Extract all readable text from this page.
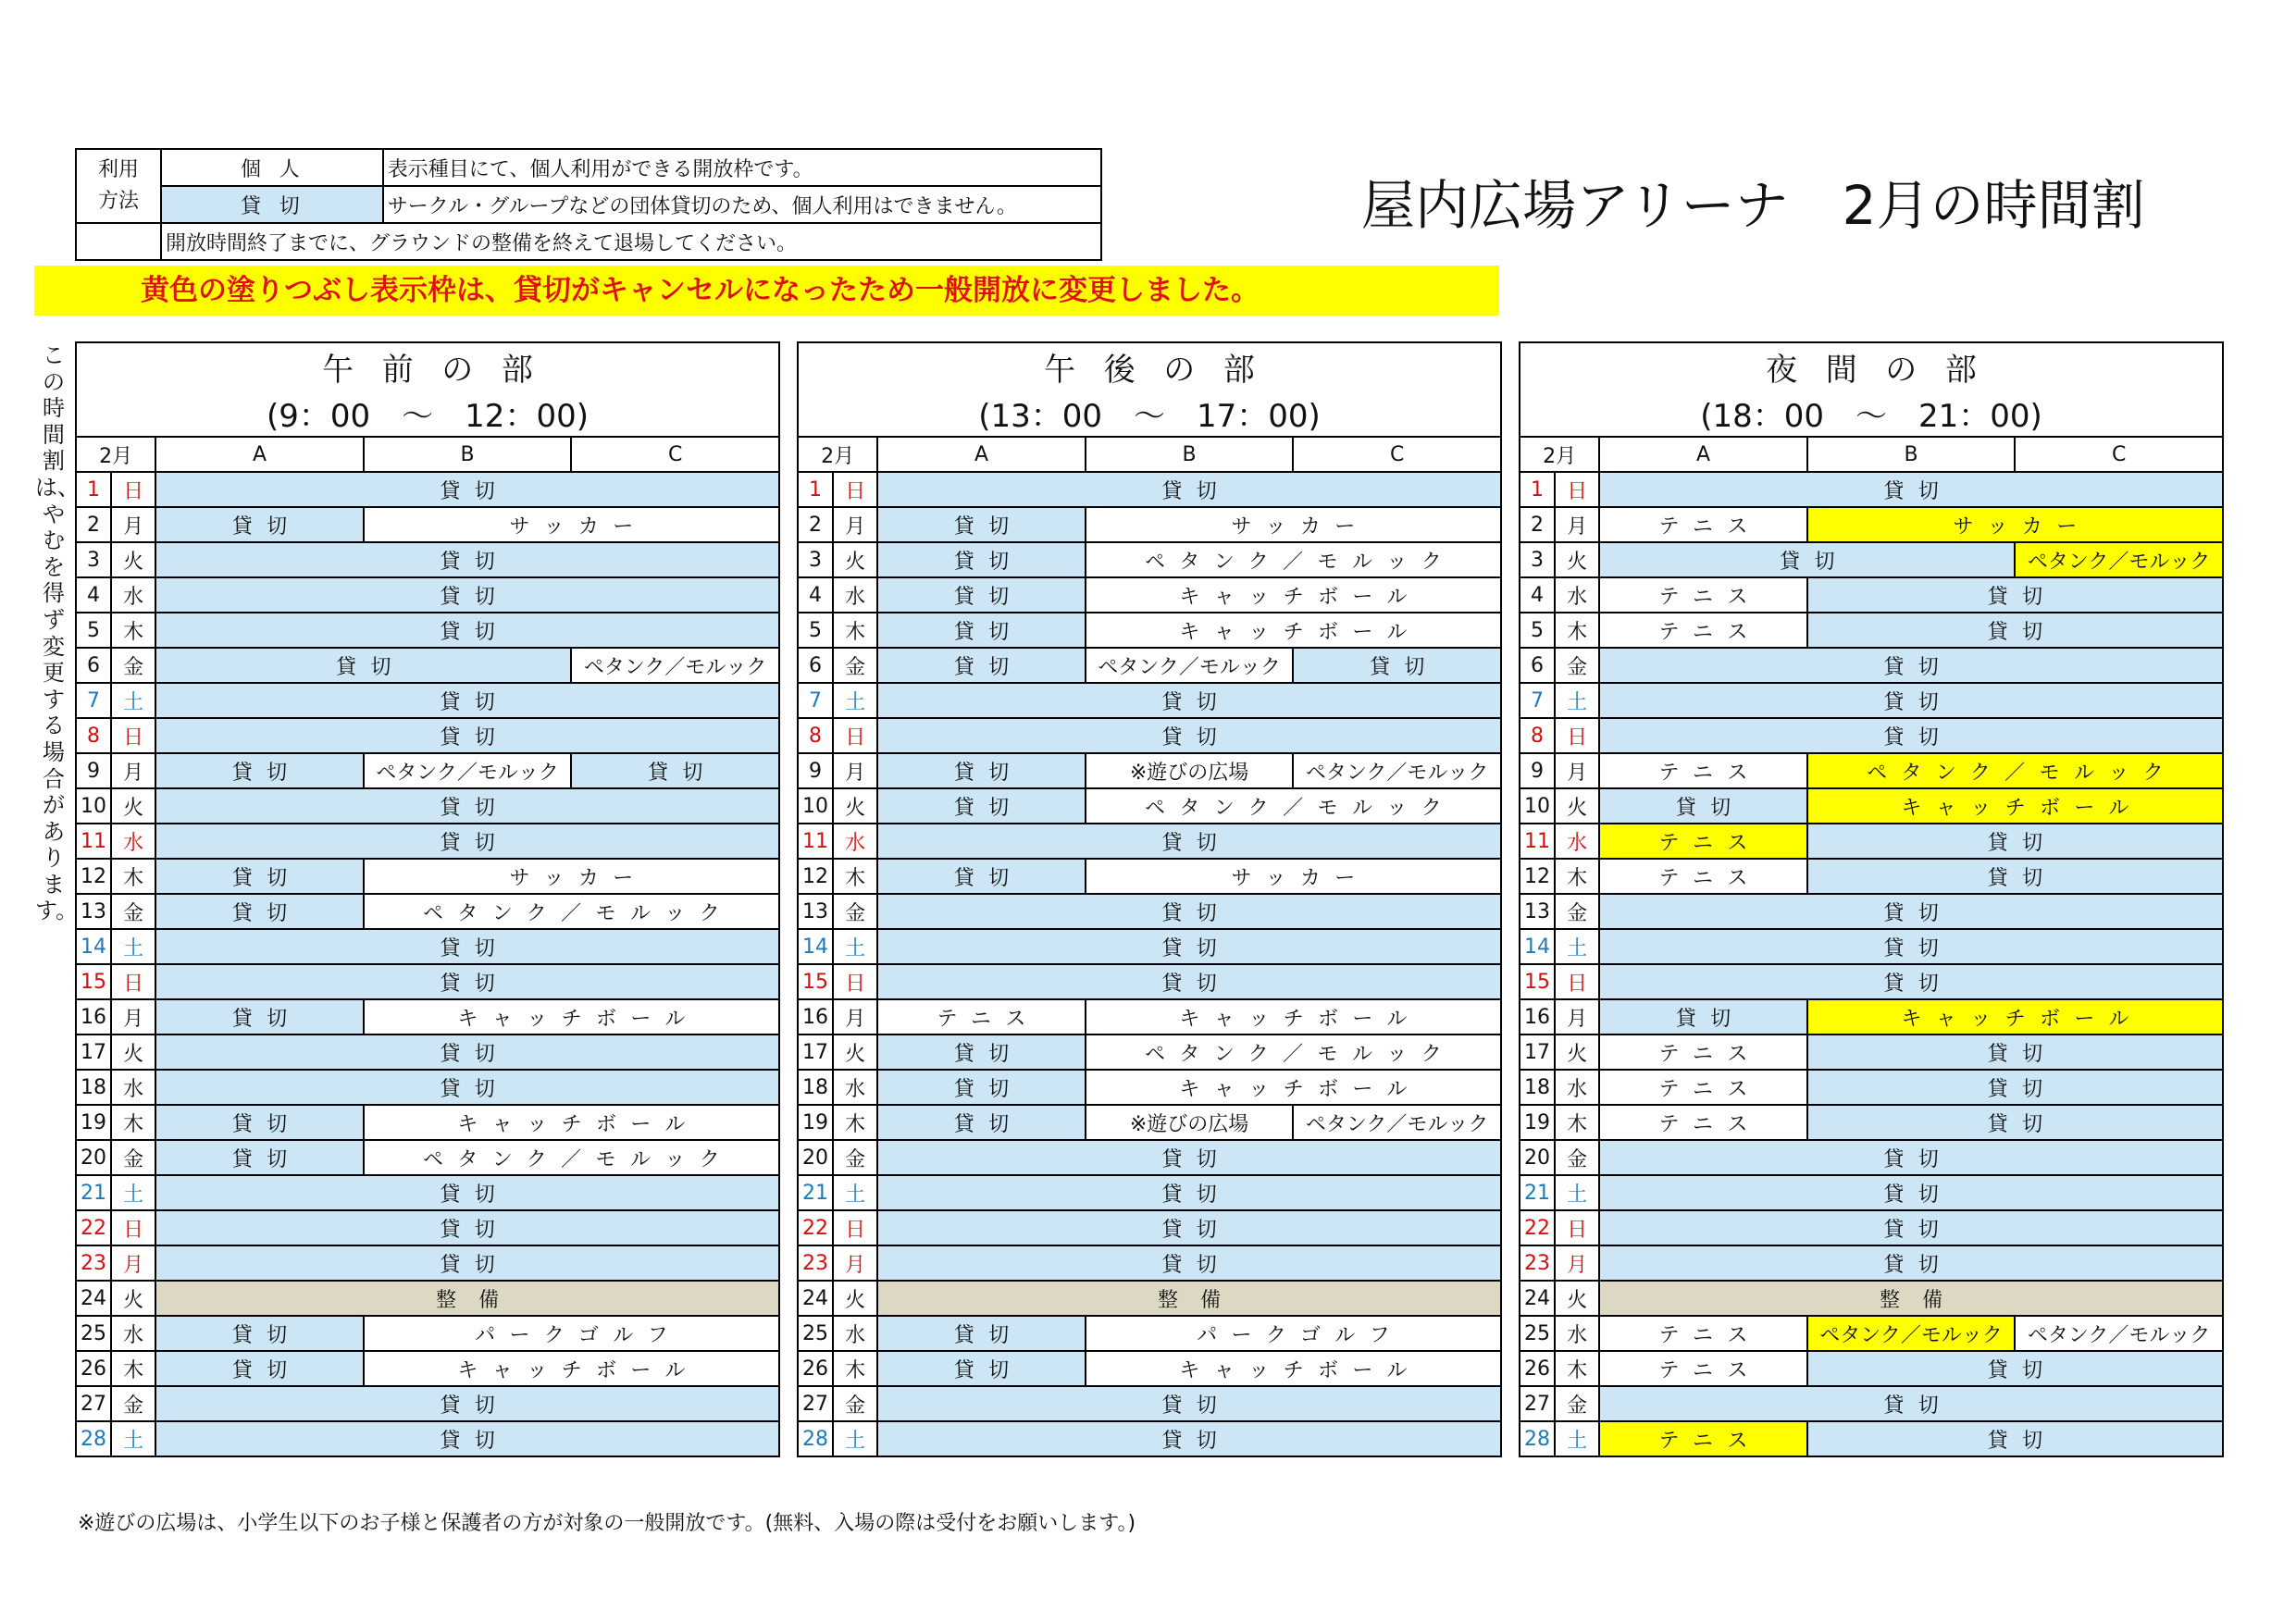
利用
方法	個人	表示種目にて、個人利用ができる開放枠です。
	貸切	サークル・グループなどの団体貸切のため、個人利用はできません。
	開放時間終了までに、グラウンドの整備を終えて退場してください。	
黄色の塗りつぶし表示枠は、貸切がキャンセルになったため一般開放に変更しました。
屋内広場アリーナ　2月の時間割
この時間割は、やむを得ず変更する場合があります。
午前の部				
(9：00　～　12：00)				
2月		A	B	C
1	日	貸切		
2	月	貸切	サッカー	
3	火	貸切		
4	水	貸切		
5	木	貸切		
6	金	貸切		ペタンク／モルック
7	土	貸切		
8	日	貸切		
9	月	貸切	ペタンク／モルック	貸切
10	火	貸切		
11	水	貸切		
12	木	貸切	サッカー	
13	金	貸切	ペタンク／モルック	
14	土	貸切		
15	日	貸切		
16	月	貸切	キャッチボール	
17	火	貸切		
18	水	貸切		
19	木	貸切	キャッチボール	
20	金	貸切	ペタンク／モルック	
21	土	貸切		
22	日	貸切		
23	月	貸切		
24	火	整備		
25	水	貸切	パークゴルフ	
26	木	貸切	キャッチボール	
27	金	貸切		
28	土	貸切		
午後の部				
(13：00　～　17：00)				
2月		A	B	C
1	日	貸切		
2	月	貸切	サッカー	
3	火	貸切	ペタンク／モルック	
4	水	貸切	キャッチボール	
5	木	貸切	キャッチボール	
6	金	貸切	ペタンク／モルック	貸切
7	土	貸切		
8	日	貸切		
9	月	貸切	※遊びの広場	ペタンク／モルック
10	火	貸切	ペタンク／モルック	
11	水	貸切		
12	木	貸切	サッカー	
13	金	貸切		
14	土	貸切		
15	日	貸切		
16	月	テニス	キャッチボール	
17	火	貸切	ペタンク／モルック	
18	水	貸切	キャッチボール	
19	木	貸切	※遊びの広場	ペタンク／モルック
20	金	貸切		
21	土	貸切		
22	日	貸切		
23	月	貸切		
24	火	整備		
25	水	貸切	パークゴルフ	
26	木	貸切	キャッチボール	
27	金	貸切		
28	土	貸切		
夜間の部				
(18：00　～　21：00)				
2月		A	B	C
1	日	貸切		
2	月	テニス	サッカー	
3	火	貸切		ペタンク／モルック
4	水	テニス	貸切	
5	木	テニス	貸切	
6	金	貸切		
7	土	貸切		
8	日	貸切		
9	月	テニス	ペタンク／モルック	
10	火	貸切	キャッチボール	
11	水	テニス	貸切	
12	木	テニス	貸切	
13	金	貸切		
14	土	貸切		
15	日	貸切		
16	月	貸切	キャッチボール	
17	火	テニス	貸切	
18	水	テニス	貸切	
19	木	テニス	貸切	
20	金	貸切		
21	土	貸切		
22	日	貸切		
23	月	貸切		
24	火	整備		
25	水	テニス	ペタンク／モルック	ペタンク／モルック
26	木	テニス	貸切	
27	金	貸切		
28	土	テニス	貸切	
※遊びの広場は、小学生以下のお子様と保護者の方が対象の一般開放です。(無料、入場の際は受付をお願いします。)
